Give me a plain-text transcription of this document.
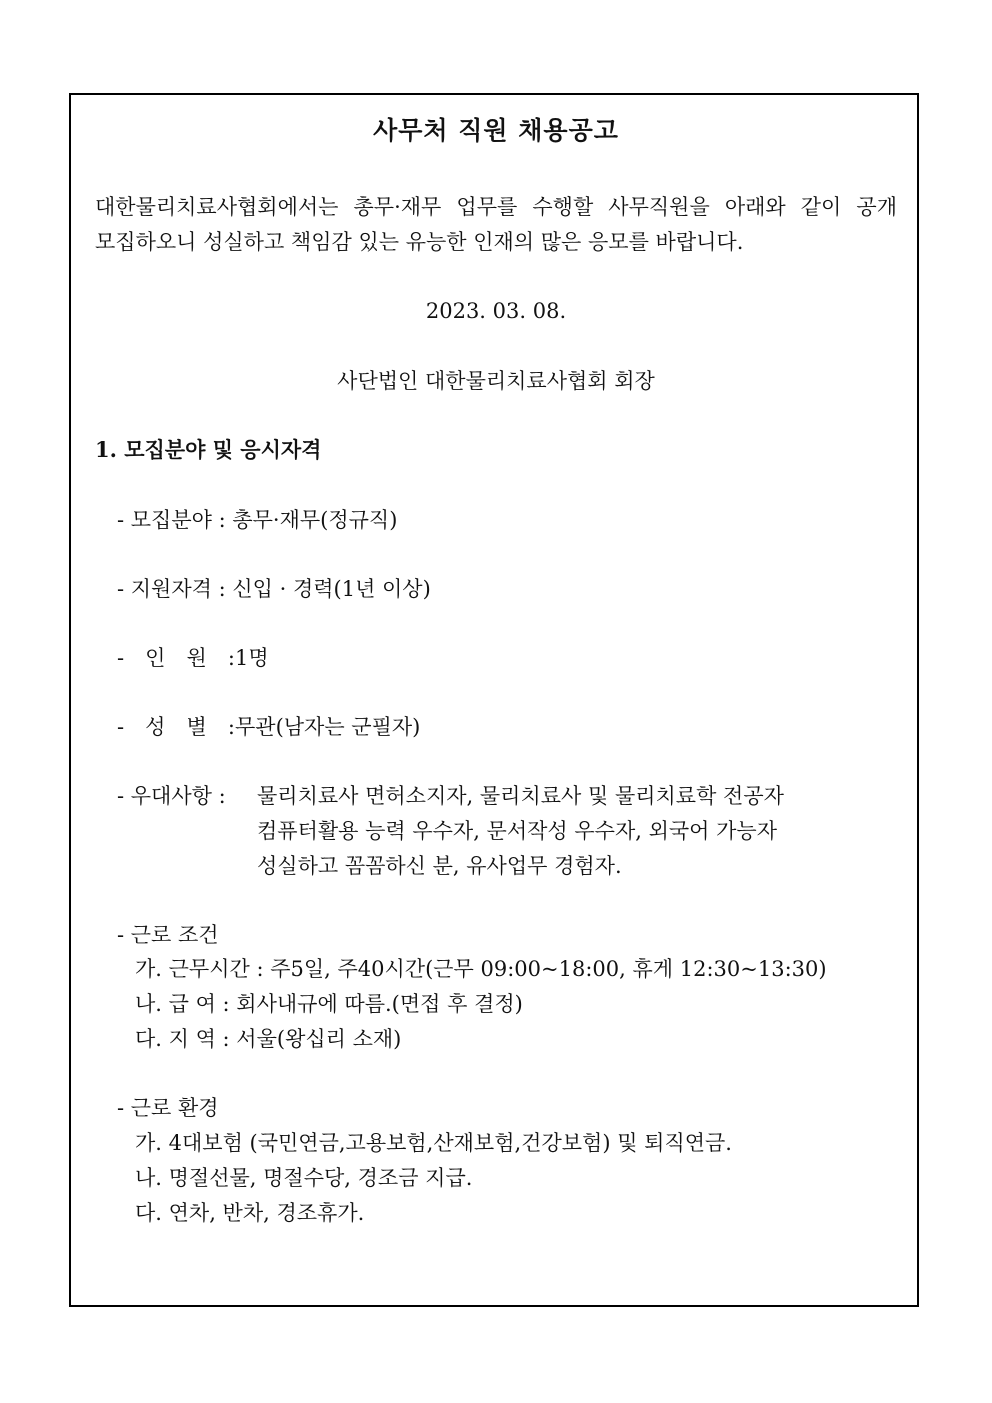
사무처 직원 채용공고
대한물리치료사협회에서는 총무·재무 업무를 수행할 사무직원을 아래와 같이 공개
모집하오니 성실하고 책임감 있는 유능한 인재의 많은 응모를 바랍니다.
2023. 03. 08.
사단법인 대한물리치료사협회 회장
1. 모집분야 및 응시자격
- 모집분야 : 총무·재무(정규직)
- 지원자격 : 신입 · 경력(1년 이상)
- 인 원 :1명
- 성 별 :무관(남자는 군필자)
- 우대사항 : 물리치료사 면허소지자, 물리치료사 및 물리치료학 전공자
컴퓨터활용 능력 우수자, 문서작성 우수자, 외국어 가능자
성실하고 꼼꼼하신 분, 유사업무 경험자.
- 근로 조건
가. 근무시간 : 주5일, 주40시간(근무 09:00~18:00, 휴게 12:30~13:30)
나. 급 여 : 회사내규에 따름.(면접 후 결정)
다. 지 역 : 서울(왕십리 소재)
- 근로 환경
가. 4대보험 (국민연금,고용보험,산재보험,건강보험) 및 퇴직연금.
나. 명절선물, 명절수당, 경조금 지급.
다. 연차, 반차, 경조휴가.
